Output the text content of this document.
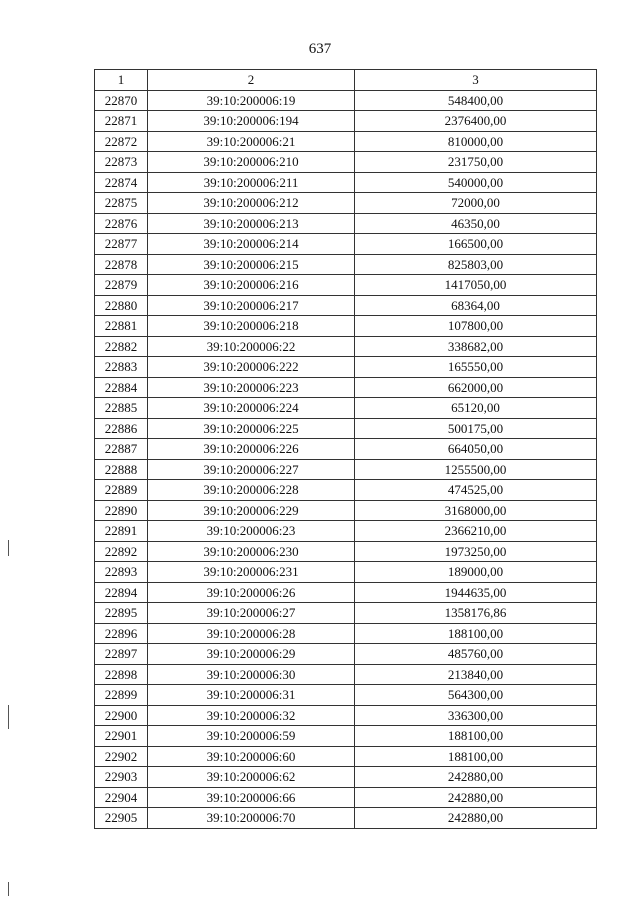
637
1	2	3
22870	39:10:200006:19	548400,00
22871	39:10:200006:194	2376400,00
22872	39:10:200006:21	810000,00
22873	39:10:200006:210	231750,00
22874	39:10:200006:211	540000,00
22875	39:10:200006:212	72000,00
22876	39:10:200006:213	46350,00
22877	39:10:200006:214	166500,00
22878	39:10:200006:215	825803,00
22879	39:10:200006:216	1417050,00
22880	39:10:200006:217	68364,00
22881	39:10:200006:218	107800,00
22882	39:10:200006:22	338682,00
22883	39:10:200006:222	165550,00
22884	39:10:200006:223	662000,00
22885	39:10:200006:224	65120,00
22886	39:10:200006:225	500175,00
22887	39:10:200006:226	664050,00
22888	39:10:200006:227	1255500,00
22889	39:10:200006:228	474525,00
22890	39:10:200006:229	3168000,00
22891	39:10:200006:23	2366210,00
22892	39:10:200006:230	1973250,00
22893	39:10:200006:231	189000,00
22894	39:10:200006:26	1944635,00
22895	39:10:200006:27	1358176,86
22896	39:10:200006:28	188100,00
22897	39:10:200006:29	485760,00
22898	39:10:200006:30	213840,00
22899	39:10:200006:31	564300,00
22900	39:10:200006:32	336300,00
22901	39:10:200006:59	188100,00
22902	39:10:200006:60	188100,00
22903	39:10:200006:62	242880,00
22904	39:10:200006:66	242880,00
22905	39:10:200006:70	242880,00
